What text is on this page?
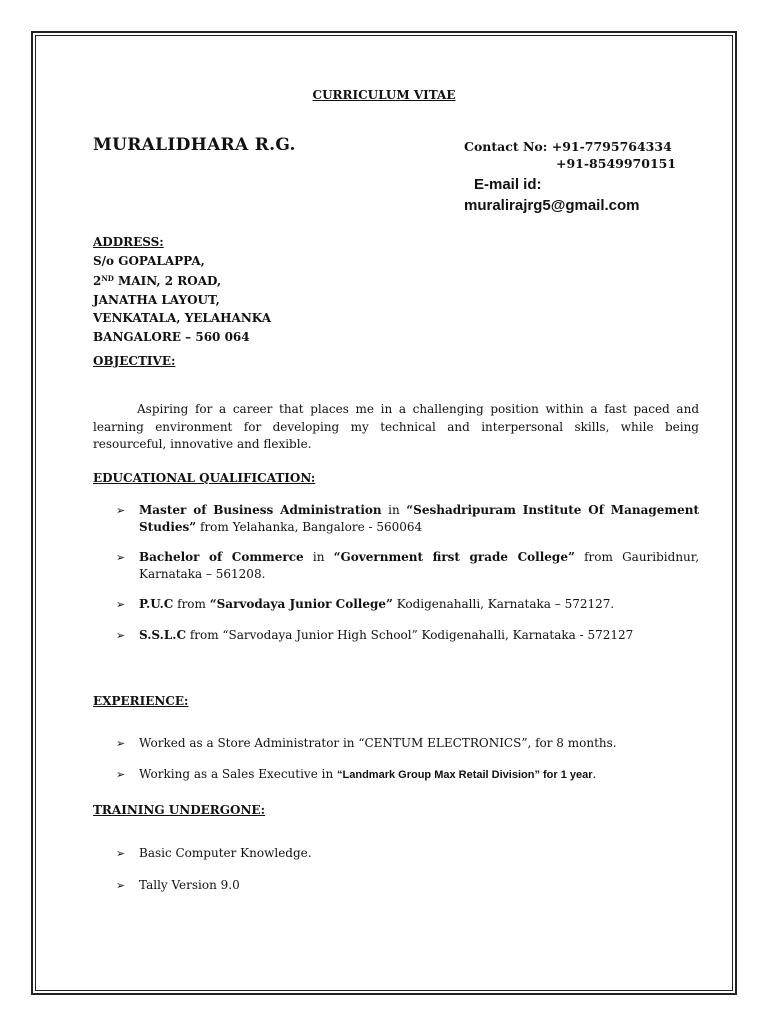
CURRICULUM VITAE

MURALIDHARA R.G.	Contact No: +91-7795764334

+91-8549970151

E-mail id:

muralirajrg5@gmail.com

ADDRESS:
S/o GOPALAPPA,
2ND MAIN, 2 ROAD,
JANATHA LAYOUT,
VENKATALA, YELAHANKA
BANGALORE – 560 064

OBJECTIVE:

Aspiring for a career that places me in a challenging position within a fast paced and learning environment for developing my technical and interpersonal skills, while being resourceful, innovative and flexible.

EDUCATIONAL QUALIFICATION:

➢	Master of Business Administration in “Seshadripuram Institute Of Management Studies” from Yelahanka, Bangalore - 560064
➢	Bachelor of Commerce in “Government first grade College” from Gauribidnur, Karnataka – 561208.
➢	P.U.C from “Sarvodaya Junior College” Kodigenahalli, Karnataka – 572127.
➢	S.S.L.C from “Sarvodaya Junior High School” Kodigenahalli, Karnataka - 572127

EXPERIENCE:

➢	Worked as a Store Administrator in “CENTUM ELECTRONICS”, for 8 months.
➢	Working as a Sales Executive in “Landmark Group Max Retail Division” for 1 year.

TRAINING UNDERGONE:

➢	Basic Computer Knowledge.
➢	Tally Version 9.0
